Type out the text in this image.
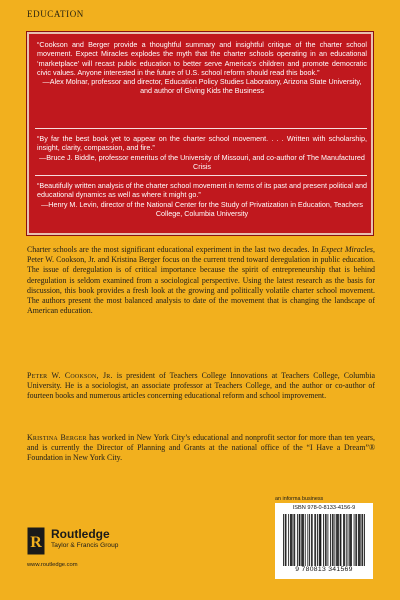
EDUCATION
“Cookson and Berger provide a thoughtful summary and insightful critique of the charter school movement. Expect Miracles explodes the myth that the charter schools operating in an educational ‘marketplace’ will recast public education to better serve America’s children and promote democratic civic values. Anyone interested in the future of U.S. school reform should read this book.”
—Alex Molnar, professor and director, Education Policy Studies Laboratory, Arizona State University, and author of Giving Kids the Business
“By far the best book yet to appear on the charter school movement. . . . Written with scholarship, insight, clarity, compassion, and fire.”
—Bruce J. Biddle, professor emeritus of the University of Missouri, and co-author of The Manufactured Crisis
“Beautifully written analysis of the charter school movement in terms of its past and present political and educational dynamics as well as where it might go.”
—Henry M. Levin, director of the National Center for the Study of Privatization in Education, Teachers College, Columbia University
Charter schools are the most significant educational experiment in the last two decades. In Expect Miracles, Peter W. Cookson, Jr. and Kristina Berger focus on the current trend toward deregulation in public education. The issue of deregulation is of critical importance because the spirit of entrepreneurship that is behind deregulation is seldom examined from a sociological perspective. Using the latest research as the basis for discussion, this book provides a fresh look at the growing and politically volatile charter school movement. The authors present the most balanced analysis to date of the movement that is changing the landscape of American education.
Peter W. Cookson, Jr. is president of Teachers College Innovations at Teachers College, Columbia University. He is a sociologist, an associate professor at Teachers College, and the author or co-author of fourteen books and numerous articles concerning educational reform and school improvement.
Kristina Berger has worked in New York City’s educational and nonprofit sector for more than ten years, and is currently the Director of Planning and Grants at the national office of the “I Have a Dream”® Foundation in New York City.
R Routledge
Taylor & Francis Group
www.routledge.com
an informa business
ISBN 978-0-8133-4156-9
9 780813 341569
